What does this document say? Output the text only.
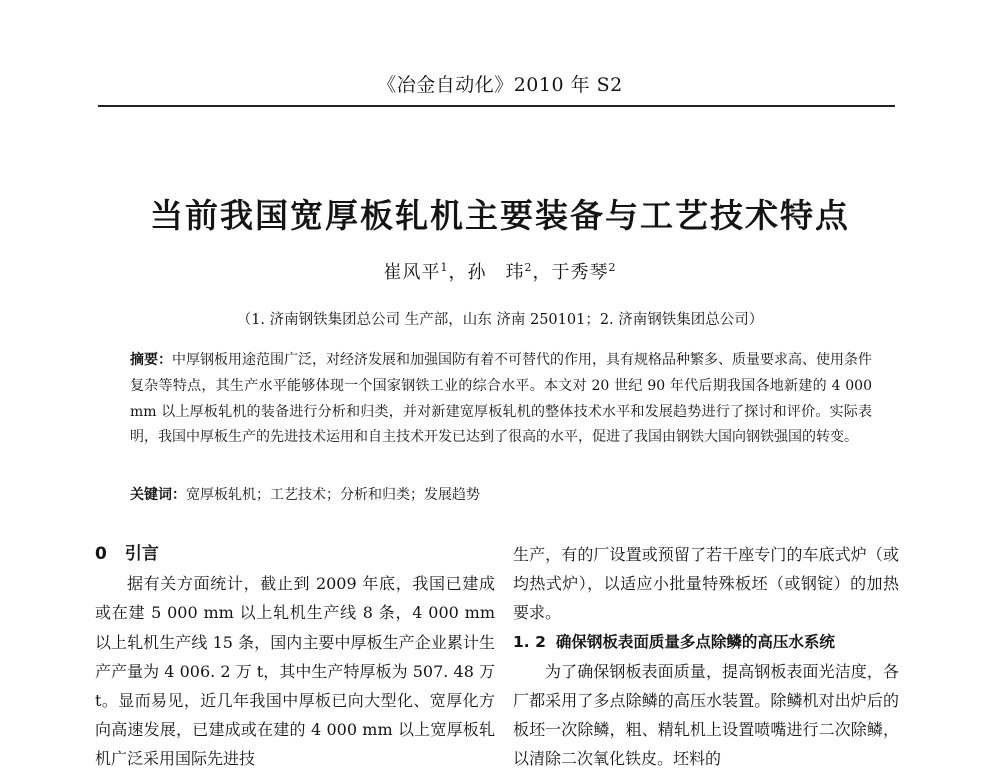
《冶金自动化》2010 年 S2
当前我国宽厚板轧机主要装备与工艺技术特点
崔风平$^1$，孙　玮$^2$，于秀琴$^2$
（1. 济南钢铁集团总公司 生产部，山东 济南 250101；2. 济南钢铁集团总公司）
摘要：中厚钢板用途范围广泛，对经济发展和加强国防有着不可替代的作用，具有规格品种繁多、质量要求高、使用条件复杂等特点，其生产水平能够体现一个国家钢铁工业的综合水平。本文对 20 世纪 90 年代后期我国各地新建的 4 000 mm 以上厚板轧机的装备进行分析和归类，并对新建宽厚板轧机的整体技术水平和发展趋势进行了探讨和评价。实际表明，我国中厚板生产的先进技术运用和自主技术开发已达到了很高的水平，促进了我国由钢铁大国向钢铁强国的转变。
关键词：宽厚板轧机；工艺技术；分析和归类；发展趋势
0 引言

据有关方面统计，截止到 2009 年底，我国已建成或在建 5 000 mm 以上轧机生产线 8 条，4 000 mm 以上轧机生产线 15 条，国内主要中厚板生产企业累计生产产量为 4 006. 2 万 t，其中生产特厚板为 507. 48 万 t。显而易见，近几年我国中厚板已向大型化、宽厚化方向高速发展，已建成或在建的 4 000 mm 以上宽厚板轧机广泛采用国际先进技

生产，有的厂设置或预留了若干座专门的车底式炉（或均热式炉），以适应小批量特殊板坯（或钢锭）的加热要求。

1. 2 确保钢板表面质量多点除鳞的高压水系统

为了确保钢板表面质量，提高钢板表面光洁度，各厂都采用了多点除鳞的高压水装置。除鳞机对出炉后的板坯一次除鳞，粗、精轧机上设置喷嘴进行二次除鳞，以清除二次氧化铁皮。坯料的
